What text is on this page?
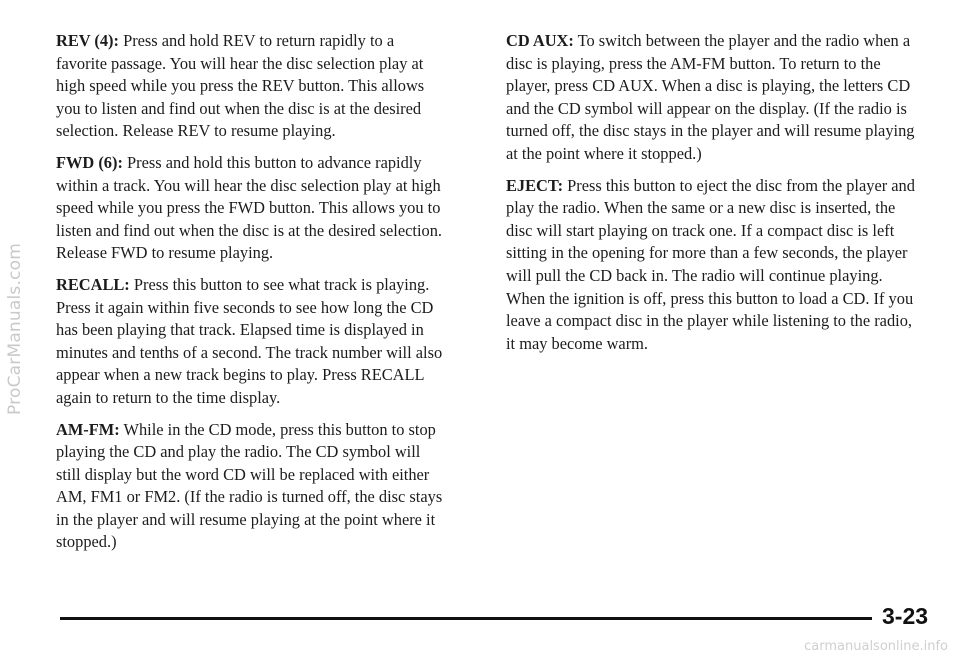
ProCarManuals.com

REV (4): Press and hold REV to return rapidly to a favorite passage. You will hear the disc selection play at high speed while you press the REV button. This allows you to listen and find out when the disc is at the desired selection. Release REV to resume playing.

FWD (6): Press and hold this button to advance rapidly within a track. You will hear the disc selection play at high speed while you press the FWD button. This allows you to listen and find out when the disc is at the desired selection. Release FWD to resume playing.

RECALL: Press this button to see what track is playing. Press it again within five seconds to see how long the CD has been playing that track. Elapsed time is displayed in minutes and tenths of a second. The track number will also appear when a new track begins to play. Press RECALL again to return to the time display.

AM-FM: While in the CD mode, press this button to stop playing the CD and play the radio. The CD symbol will still display but the word CD will be replaced with either AM, FM1 or FM2. (If the radio is turned off, the disc stays in the player and will resume playing at the point where it stopped.)

CD AUX: To switch between the player and the radio when a disc is playing, press the AM-FM button. To return to the player, press CD AUX. When a disc is playing, the letters CD and the CD symbol will appear on the display. (If the radio is turned off, the disc stays in the player and will resume playing at the point where it stopped.)

EJECT: Press this button to eject the disc from the player and play the radio. When the same or a new disc is inserted, the disc will start playing on track one. If a compact disc is left sitting in the opening for more than a few seconds, the player will pull the CD back in. The radio will continue playing. When the ignition is off, press this button to load a CD. If you leave a compact disc in the player while listening to the radio, it may become warm.

3-23
carmanualsonline.info
